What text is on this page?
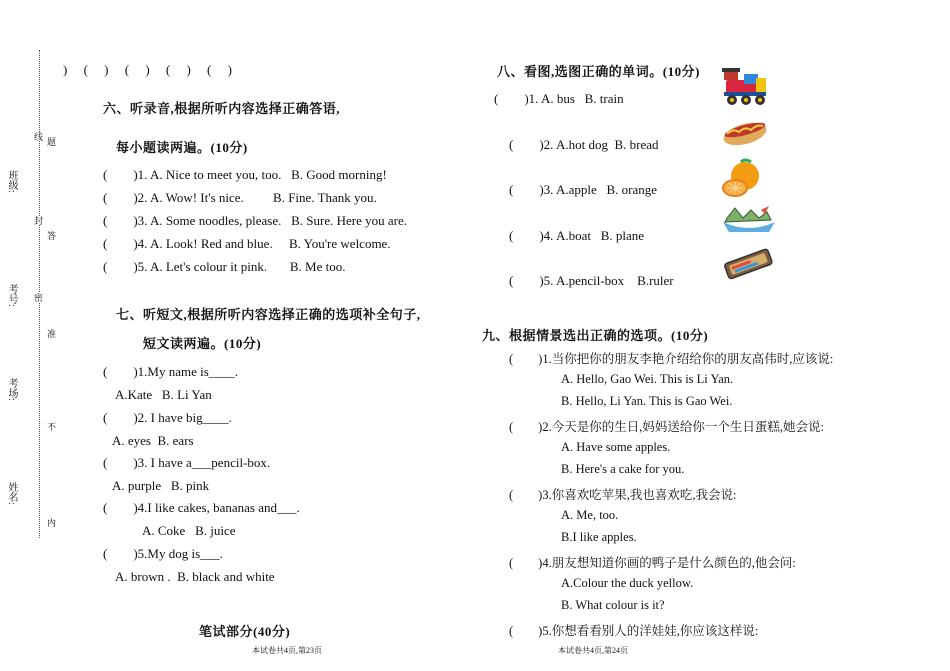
班级:
考号:
考场:
姓名:
线
题
封
答
密
准
不
内
)     (     )     (     )     (     )     (     )
六、听录音,根据所听内容选择正确答语,
每小题读两遍。(10分)
(        )1. A. Nice to meet you, too.   B. Good morning!
(        )2. A. Wow! It's nice.         B. Fine. Thank you.
(        )3. A. Some noodles, please.   B. Sure. Here you are.
(        )4. A. Look! Red and blue.     B. You're welcome.
(        )5. A. Let's colour it pink.       B. Me too.
七、听短文,根据所听内容选择正确的选项补全句子,
短文读两遍。(10分)
(        )1.My name is____.
A.Kate   B. Li Yan
(        )2. I have big____.
A. eyes  B. ears
(        )3. I have a___pencil-box.
A. purple   B. pink
(        )4.I like cakes, bananas and___.
A. Coke   B. juice
(        )5.My dog is___.
A. brown .  B. black and white
笔试部分(40分)
本试卷共4页,第23页
八、看图,选图正确的单词。(10分)
(        )1. A. bus   B. train
(        )2. A.hot dog  B. bread
(        )3. A.apple   B. orange
(        )4. A.boat   B. plane
(        )5. A.pencil-box    B.ruler
九、根据情景选出正确的选项。(10分)
(        )1.当你把你的朋友李艳介绍给你的朋友高伟时,应该说:
A. Hello, Gao Wei. This is Li Yan.
B. Hello, Li Yan. This is Gao Wei.
(        )2.今天是你的生日,妈妈送给你一个生日蛋糕,她会说:
A. Have some apples.
B. Here's a cake for you.
(        )3.你喜欢吃苹果,我也喜欢吃,我会说:
A. Me, too.
B.I like apples.
(        )4.朋友想知道你画的鸭子是什么颜色的,他会问:
A.Colour the duck yellow.
B. What colour is it?
(        )5.你想看看别人的洋娃娃,你应该这样说:
本试卷共4页,第24页
